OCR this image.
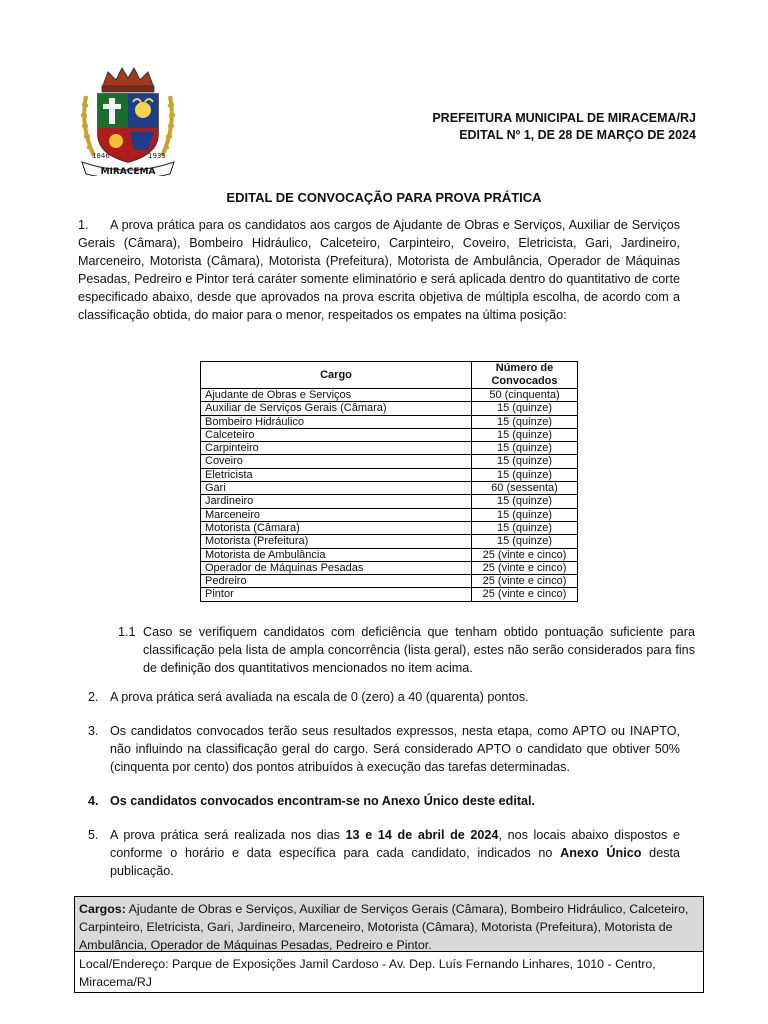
1846	1935
MIRACEMA
PREFEITURA MUNICIPAL DE MIRACEMA/RJ
EDITAL Nº 1, DE 28 DE MARÇO DE 2024
EDITAL DE CONVOCAÇÃO PARA PROVA PRÁTICA
1. A prova prática para os candidatos aos cargos de Ajudante de Obras e Serviços, Auxiliar de Serviços Gerais (Câmara), Bombeiro Hidráulico, Calceteiro, Carpinteiro, Coveiro, Eletricista, Gari, Jardineiro, Marceneiro, Motorista (Câmara), Motorista (Prefeitura), Motorista de Ambulância, Operador de Máquinas Pesadas, Pedreiro e Pintor terá caráter somente eliminatório e será aplicada dentro do quantitativo de corte especificado abaixo, desde que aprovados na prova escrita objetiva de múltipla escolha, de acordo com a classificação obtida, do maior para o menor, respeitados os empates na última posição:
Cargo	Número de Convocados
Ajudante de Obras e Serviços	50 (cinquenta)
Auxiliar de Serviços Gerais (Câmara)	15 (quinze)
Bombeiro Hidráulico	15 (quinze)
Calceteiro	15 (quinze)
Carpinteiro	15 (quinze)
Coveiro	15 (quinze)
Eletricista	15 (quinze)
Gari	60 (sessenta)
Jardineiro	15 (quinze)
Marceneiro	15 (quinze)
Motorista (Câmara)	15 (quinze)
Motorista (Prefeitura)	15 (quinze)
Motorista de Ambulância	25 (vinte e cinco)
Operador de Máquinas Pesadas	25 (vinte e cinco)
Pedreiro	25 (vinte e cinco)
Pintor	25 (vinte e cinco)
1.1 Caso se verifiquem candidatos com deficiência que tenham obtido pontuação suficiente para classificação pela lista de ampla concorrência (lista geral), estes não serão considerados para fins de definição dos quantitativos mencionados no item acima.
2. A prova prática será avaliada na escala de 0 (zero) a 40 (quarenta) pontos.
3. Os candidatos convocados terão seus resultados expressos, nesta etapa, como APTO ou INAPTO, não influindo na classificação geral do cargo. Será considerado APTO o candidato que obtiver 50% (cinquenta por cento) dos pontos atribuídos à execução das tarefas determinadas.
4. Os candidatos convocados encontram-se no Anexo Único deste edital.
5. A prova prática será realizada nos dias 13 e 14 de abril de 2024, nos locais abaixo dispostos e conforme o horário e data específica para cada candidato, indicados no Anexo Único desta publicação.
Cargos: Ajudante de Obras e Serviços, Auxiliar de Serviços Gerais (Câmara), Bombeiro Hidráulico, Calceteiro, Carpinteiro, Eletricista, Gari, Jardineiro, Marceneiro, Motorista (Câmara), Motorista (Prefeitura), Motorista de Ambulância, Operador de Máquinas Pesadas, Pedreiro e Pintor.
Local/Endereço: Parque de Exposições Jamil Cardoso - Av. Dep. Luís Fernando Linhares, 1010 - Centro, Miracema/RJ
